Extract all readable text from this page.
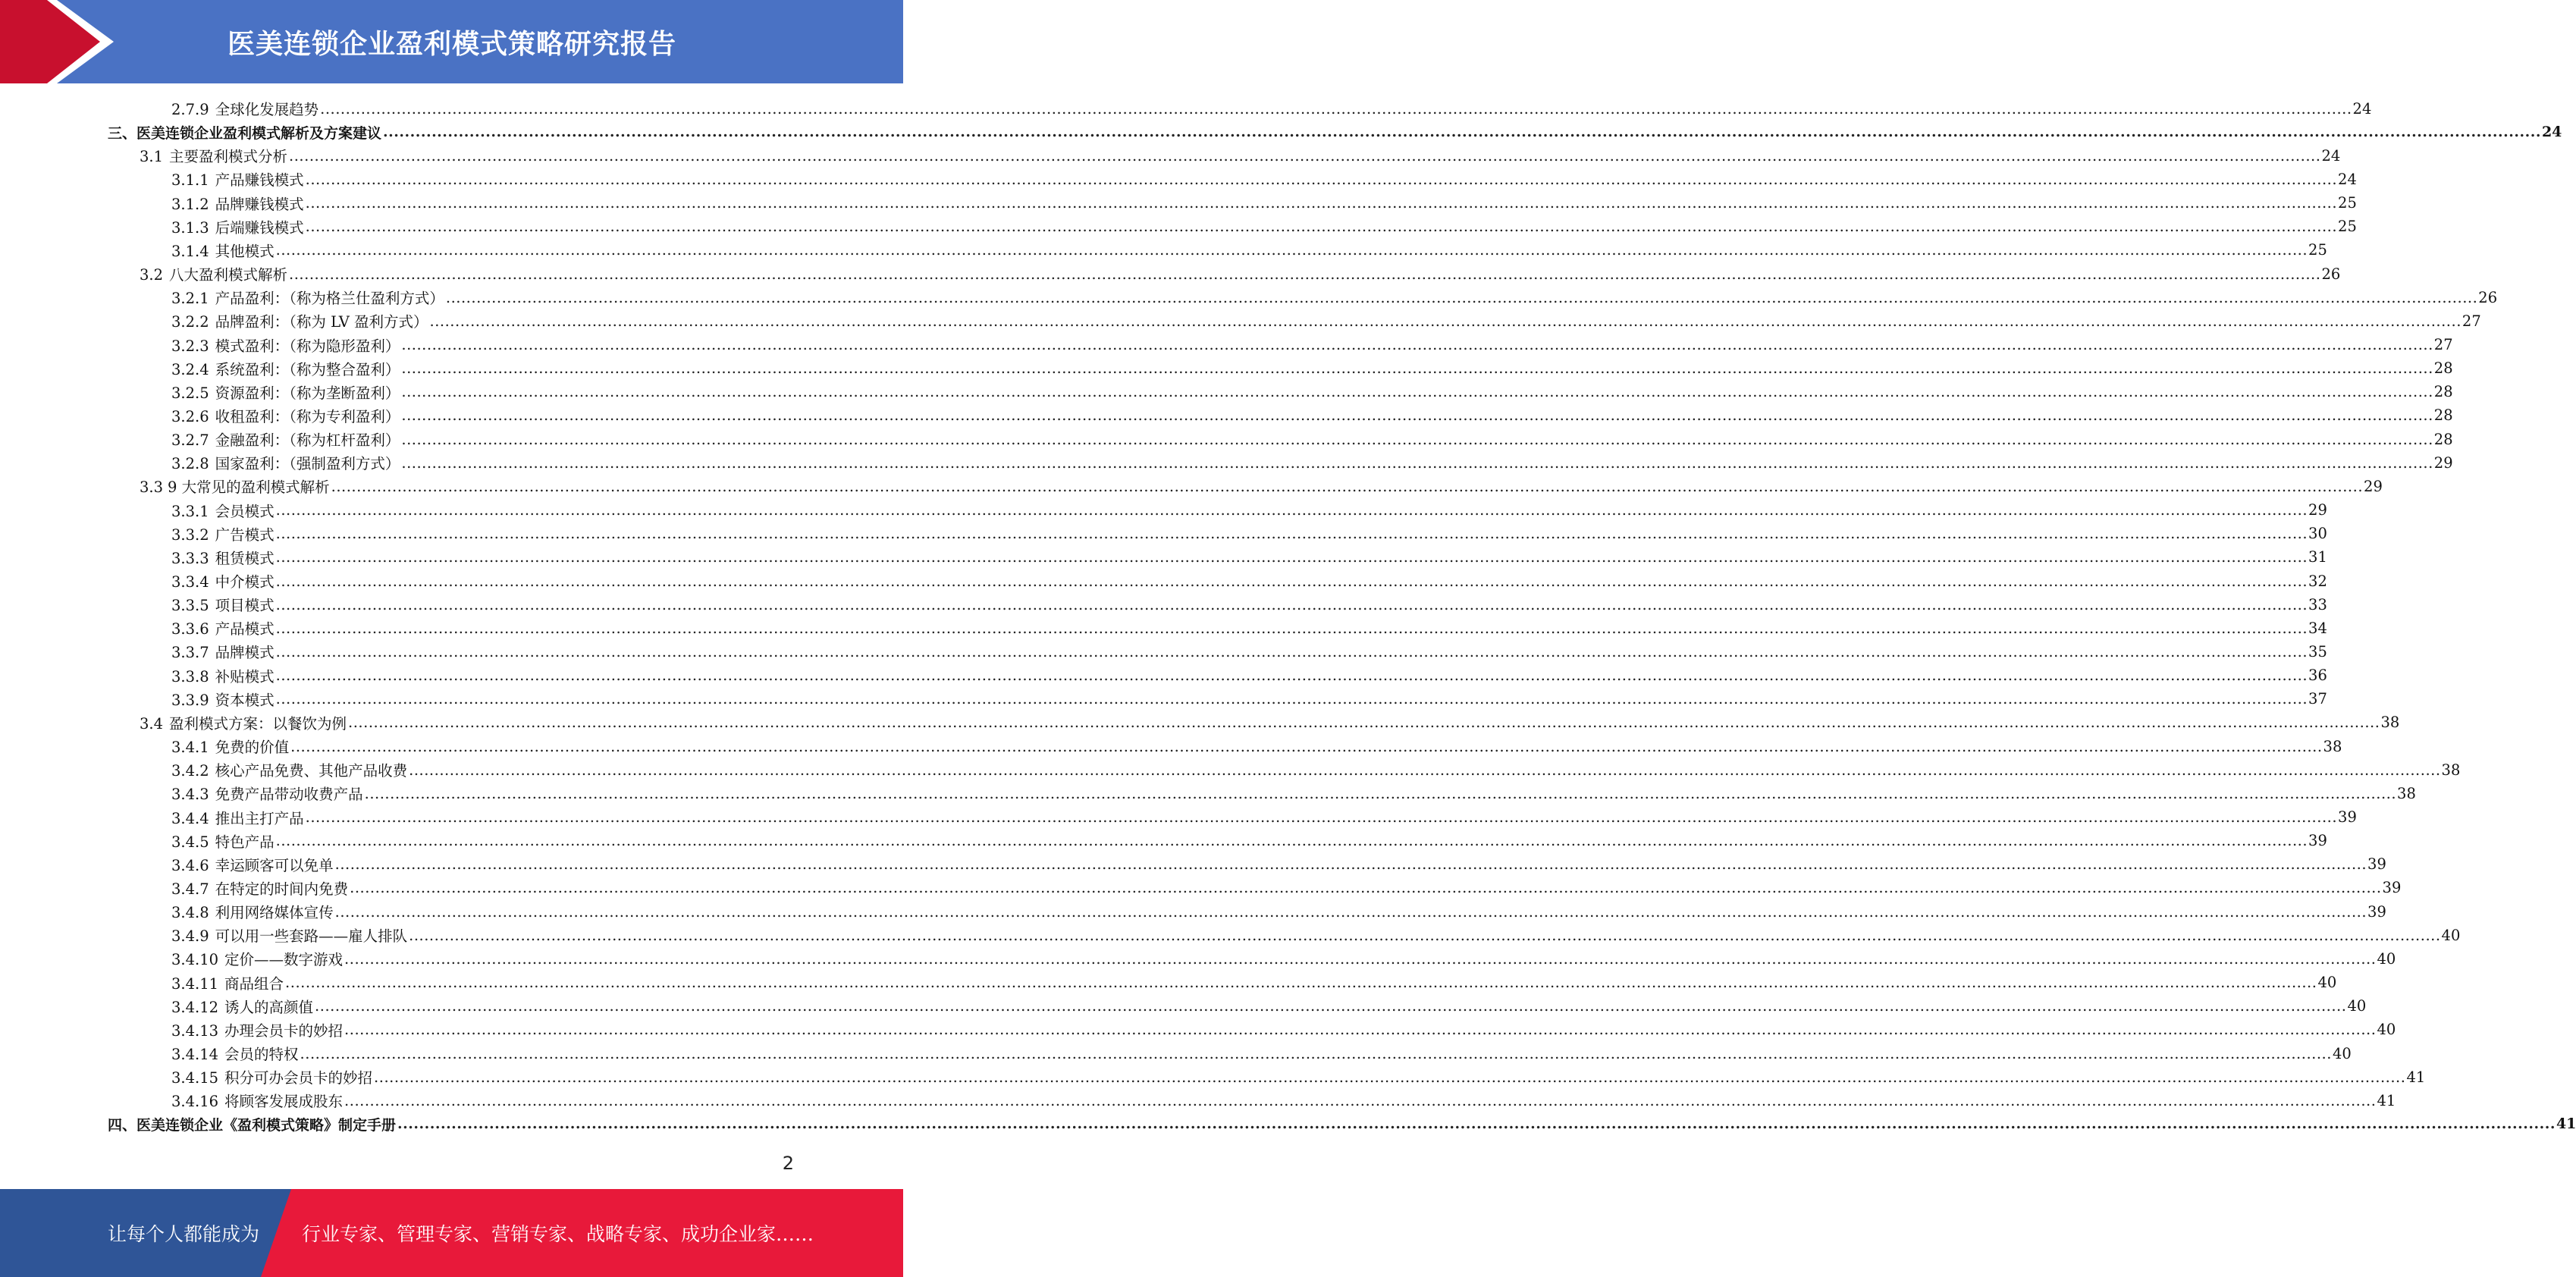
医美连锁企业盈利模式策略研究报告
2.7.9 全球化发展趋势 ................................................................................................................................................................................................................................................................................................................................................................................................................ 24
三、医美连锁企业盈利模式解析及方案建议 ................................................................................................................................................................................................................................................................................................................................................................................................................ 24
3.1 主要盈利模式分析 ................................................................................................................................................................................................................................................................................................................................................................................................................ 24
3.1.1 产品赚钱模式 ................................................................................................................................................................................................................................................................................................................................................................................................................ 24
3.1.2 品牌赚钱模式 ................................................................................................................................................................................................................................................................................................................................................................................................................ 25
3.1.3 后端赚钱模式 ................................................................................................................................................................................................................................................................................................................................................................................................................ 25
3.1.4 其他模式 ................................................................................................................................................................................................................................................................................................................................................................................................................ 25
3.2 八大盈利模式解析 ................................................................................................................................................................................................................................................................................................................................................................................................................ 26
3.2.1 产品盈利：（称为格兰仕盈利方式） ................................................................................................................................................................................................................................................................................................................................................................................................................ 26
3.2.2 品牌盈利：（称为 LV 盈利方式） ................................................................................................................................................................................................................................................................................................................................................................................................................ 27
3.2.3 模式盈利：（称为隐形盈利） ................................................................................................................................................................................................................................................................................................................................................................................................................ 27
3.2.4 系统盈利：（称为整合盈利） ................................................................................................................................................................................................................................................................................................................................................................................................................ 28
3.2.5 资源盈利：（称为垄断盈利） ................................................................................................................................................................................................................................................................................................................................................................................................................ 28
3.2.6 收租盈利：（称为专利盈利） ................................................................................................................................................................................................................................................................................................................................................................................................................ 28
3.2.7 金融盈利：（称为杠杆盈利） ................................................................................................................................................................................................................................................................................................................................................................................................................ 28
3.2.8 国家盈利：（强制盈利方式） ................................................................................................................................................................................................................................................................................................................................................................................................................ 29
3.3 9 大常见的盈利模式解析 ................................................................................................................................................................................................................................................................................................................................................................................................................ 29
3.3.1 会员模式 ................................................................................................................................................................................................................................................................................................................................................................................................................ 29
3.3.2 广告模式 ................................................................................................................................................................................................................................................................................................................................................................................................................ 30
3.3.3 租赁模式 ................................................................................................................................................................................................................................................................................................................................................................................................................ 31
3.3.4 中介模式 ................................................................................................................................................................................................................................................................................................................................................................................................................ 32
3.3.5 项目模式 ................................................................................................................................................................................................................................................................................................................................................................................................................ 33
3.3.6 产品模式 ................................................................................................................................................................................................................................................................................................................................................................................................................ 34
3.3.7 品牌模式 ................................................................................................................................................................................................................................................................................................................................................................................................................ 35
3.3.8 补贴模式 ................................................................................................................................................................................................................................................................................................................................................................................................................ 36
3.3.9 资本模式 ................................................................................................................................................................................................................................................................................................................................................................................................................ 37
3.4 盈利模式方案：以餐饮为例 ................................................................................................................................................................................................................................................................................................................................................................................................................ 38
3.4.1 免费的价值 ................................................................................................................................................................................................................................................................................................................................................................................................................ 38
3.4.2 核心产品免费、其他产品收费 ................................................................................................................................................................................................................................................................................................................................................................................................................ 38
3.4.3 免费产品带动收费产品 ................................................................................................................................................................................................................................................................................................................................................................................................................ 38
3.4.4 推出主打产品 ................................................................................................................................................................................................................................................................................................................................................................................................................ 39
3.4.5 特色产品 ................................................................................................................................................................................................................................................................................................................................................................................................................ 39
3.4.6 幸运顾客可以免单 ................................................................................................................................................................................................................................................................................................................................................................................................................ 39
3.4.7 在特定的时间内免费 ................................................................................................................................................................................................................................................................................................................................................................................................................ 39
3.4.8 利用网络媒体宣传 ................................................................................................................................................................................................................................................................................................................................................................................................................ 39
3.4.9 可以用一些套路——雇人排队 ................................................................................................................................................................................................................................................................................................................................................................................................................ 40
3.4.10 定价——数字游戏 ................................................................................................................................................................................................................................................................................................................................................................................................................ 40
3.4.11 商品组合 ................................................................................................................................................................................................................................................................................................................................................................................................................ 40
3.4.12 诱人的高颜值 ................................................................................................................................................................................................................................................................................................................................................................................................................ 40
3.4.13 办理会员卡的妙招 ................................................................................................................................................................................................................................................................................................................................................................................................................ 40
3.4.14 会员的特权 ................................................................................................................................................................................................................................................................................................................................................................................................................ 40
3.4.15 积分可办会员卡的妙招 ................................................................................................................................................................................................................................................................................................................................................................................................................ 41
3.4.16 将顾客发展成股东 ................................................................................................................................................................................................................................................................................................................................................................................................................ 41
四、医美连锁企业《盈利模式策略》制定手册 ................................................................................................................................................................................................................................................................................................................................................................................................................ 41
2
让每个人都能成为 行业专家、管理专家、营销专家、战略专家、成功企业家……
